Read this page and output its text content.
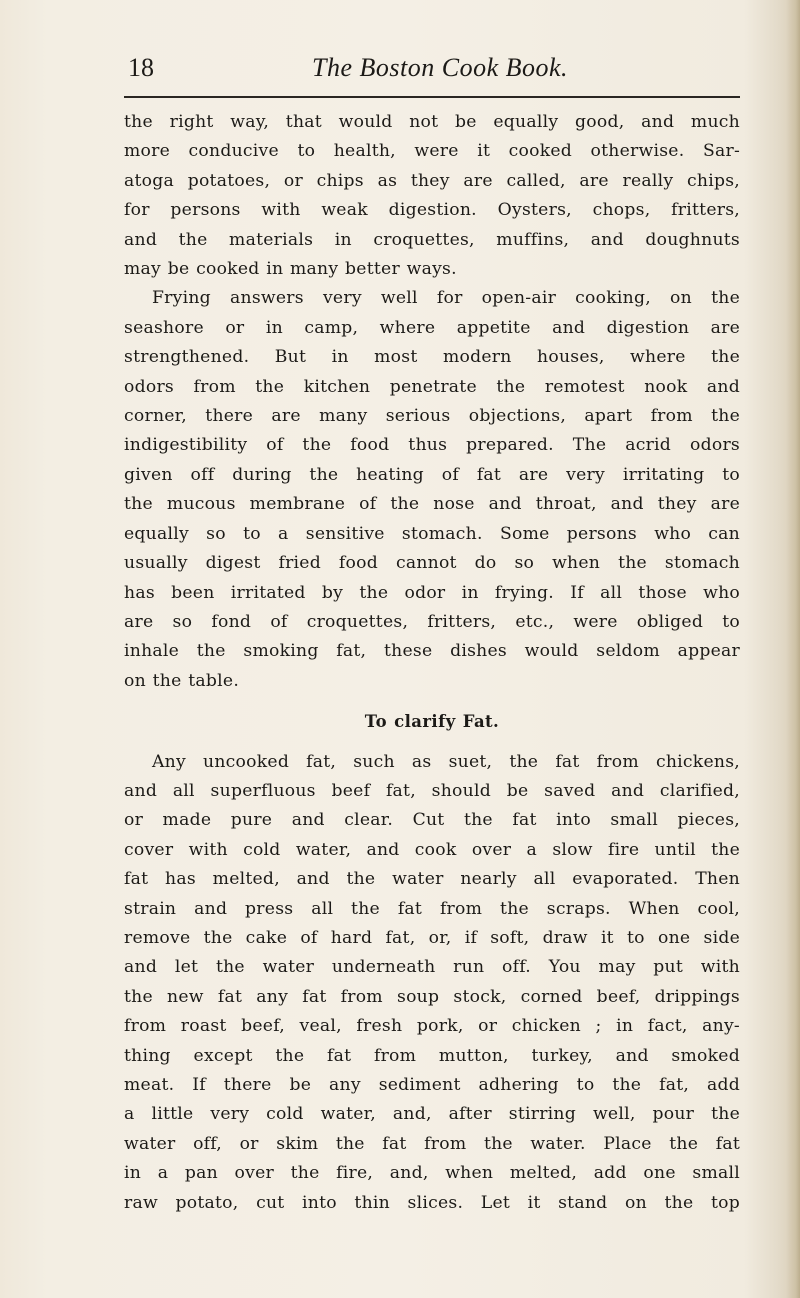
18	The Boston Cook Book.
the right way, that would not be equally good, and much
more conducive to health, were it cooked otherwise. Sar-
atoga potatoes, or chips as they are called, are really chips,
for persons with weak digestion. Oysters, chops, fritters,
and the materials in croquettes, muffins, and doughnuts
may be cooked in many better ways.
Frying answers very well for open-air cooking, on the
seashore or in camp, where appetite and digestion are
strengthened. But in most modern houses, where the
odors from the kitchen penetrate the remotest nook and
corner, there are many serious objections, apart from the
indigestibility of the food thus prepared. The acrid odors
given off during the heating of fat are very irritating to
the mucous membrane of the nose and throat, and they are
equally so to a sensitive stomach. Some persons who can
usually digest fried food cannot do so when the stomach
has been irritated by the odor in frying. If all those who
are so fond of croquettes, fritters, etc., were obliged to
inhale the smoking fat, these dishes would seldom appear
on the table.
To clarify Fat.
Any uncooked fat, such as suet, the fat from chickens,
and all superfluous beef fat, should be saved and clarified,
or made pure and clear. Cut the fat into small pieces,
cover with cold water, and cook over a slow fire until the
fat has melted, and the water nearly all evaporated. Then
strain and press all the fat from the scraps. When cool,
remove the cake of hard fat, or, if soft, draw it to one side
and let the water underneath run off. You may put with
the new fat any fat from soup stock, corned beef, drippings
from roast beef, veal, fresh pork, or chicken ; in fact, any-
thing except the fat from mutton, turkey, and smoked
meat. If there be any sediment adhering to the fat, add
a little very cold water, and, after stirring well, pour the
water off, or skim the fat from the water. Place the fat
in a pan over the fire, and, when melted, add one small
raw potato, cut into thin slices. Let it stand on the top
